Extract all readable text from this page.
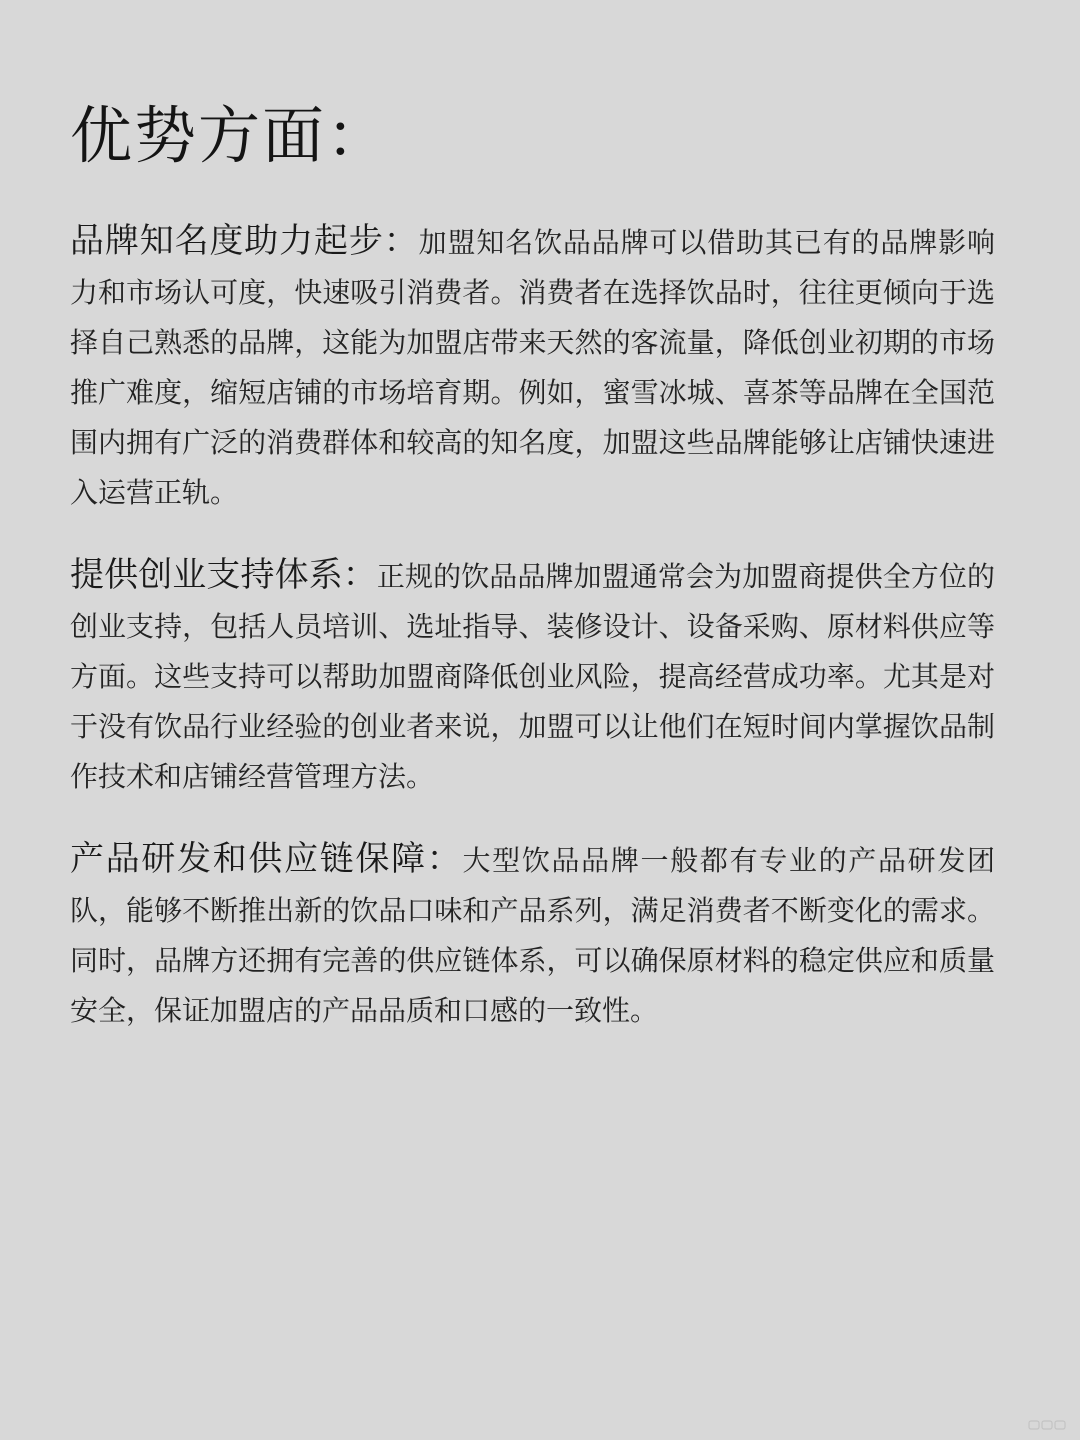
优势方面：

品牌知名度助力起步：加盟知名饮品品牌可以借助其已有的品牌影响力和市场认可度，快速吸引消费者。消费者在选择饮品时，往往更倾向于选择自己熟悉的品牌，这能为加盟店带来天然的客流量，降低创业初期的市场推广难度，缩短店铺的市场培育期。例如，蜜雪冰城、喜茶等品牌在全国范围内拥有广泛的消费群体和较高的知名度，加盟这些品牌能够让店铺快速进入运营正轨。

提供创业支持体系：正规的饮品品牌加盟通常会为加盟商提供全方位的创业支持，包括人员培训、选址指导、装修设计、设备采购、原材料供应等方面。这些支持可以帮助加盟商降低创业风险，提高经营成功率。尤其是对于没有饮品行业经验的创业者来说，加盟可以让他们在短时间内掌握饮品制作技术和店铺经营管理方法。

产品研发和供应链保障：大型饮品品牌一般都有专业的产品研发团队，能够不断推出新的饮品口味和产品系列，满足消费者不断变化的需求。同时，品牌方还拥有完善的供应链体系，可以确保原材料的稳定供应和质量安全，保证加盟店的产品品质和口感的一致性。
